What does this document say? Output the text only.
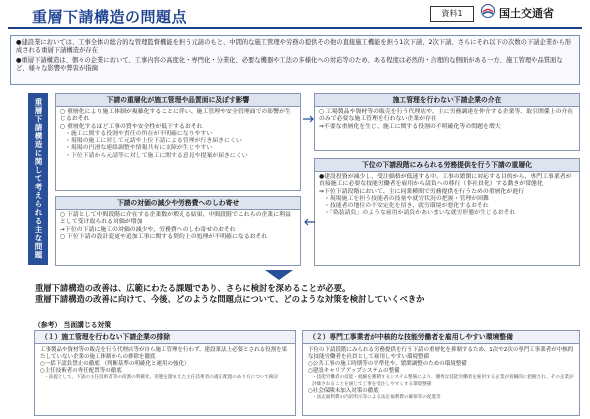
重層下請構造の問題点	資料1	国土交通省

●建設業においては、工事全体の総合的な管理監督機能を担う元請のもと、中間的な施工管理や労務の提供その他の直接施工機能を担う1次下請、2次下請、さらにそれ以下の次数の下請企業から形成される重層下請構造が存在

●重層下請構造は、個々の企業において、工事内容の高度化・専門化・分業化、必要な機器や工法の多様化への対応等のため、ある程度は必然的・合理的な側面がある一方、施工管理や品質面など、様々な影響や弊害が指摘

重層下請構造に関して考えられる主な問題	下請の重層化が施工管理や品質面に及ぼす影響

○ 重層化により施工体制が複雑化することに伴い、施工管理や安全管理面での影響が生じるおそれ

○ 重層化するほど工事の質や安全性が低下するおそれ

・施工に関する役割や責任の所在が不明確になりやすい

・現場の施工に対して元請や上位下請による管理が行き届きにくい

・現場の円滑な連絡調整や情報共有に支障が生じやすい

・下位下請から元請等に対して施工に関する意見や提案が届きにくい

下請の対価の減少や労務費へのしわ寄せ

○ 下請として中間段階に介在する企業数が増える結果、中間段階でこれらの企業に利益として受け取られる対価が増加

→下位の下請に施工の対価の減少や、労務費へのしわ寄せのおそれ

○ 下位下請の設計変更や追加工事に関する契約上の処理が不明確になるおそれ

施工管理を行わない下請企業の介在

○ 工場製品や資材等の販売を行う代理店や、主に労務調達を仲介する企業等、取引関係上の介在のみで必要な施工管理を行わない企業が存在

⇒不要な重層化を生じ、施工に関する役割の不明確化等の問題を増大

下位の下請段階にみられる労務提供を行う下請の重層化

●建設投資が減少し、受注価格が低迷する中、工事の繁閑に対応する目的から、専門工事業者が直接施工に必要な技能労働者を雇用から請負への移行（非社員化）する動きが常態化

⇒下位下請段階において、主に同業種間で労務提供を行うための重層化が進行

・現場施工を担う技能者の技量や就労状況の把握・管理が困難

・技能者の地位の不安定化を招き、就労環境が悪化するおそれ

・「偽装請負」のような雇用か請負かあいまいな就労形態が生じるおそれ

重層下請構造の改善は、広範にわたる課題であり、さらに検討を深めることが必要。

重層下請構造の改善に向けて、今後、どのような問題点について、どのような対策を検討していくべきか

（参考） 当面講じる対策
（１）施工管理を行わない下請企業の排除

工事製品や資材等の販売を行う代理店等が自ら施工管理を行わず、建設業法上必要とされる役割を果たしていない企業の施工体制からの排除を徹底

○一括下請負禁止の徹底 （判断基準の明確化と運用の強化）

○主任技術者の専任配置等の徹底

・前提として、下請の主任技術者等の役割の明確化、実態を踏まえた主任技術者の適正配置のあり方について検討

（２）専門工事業者が中核的な技能労働者を雇用しやすい環境整備

下位の下請段階にみられる労務提供を行う下請の重層化を抑制するため、1次や2次の専門工事業者が中核的な技能労働者を社員として雇用しやすい環境整備

○公共工事の施工時期等の平準化や、繁閑調整のための環境整備

○建設キャリアアップシステムの整備

・技能労働者の技能・経験を蓄積するシステム整備により、優秀な技能労働者を雇用する企業が客観的に把握され、その企業が評価されることを通じて工事を受注しやすくする環境整備

○社会保険未加入対策の徹底

・法定福利費の内訳明示等による法定福利費の確保等の促進等
